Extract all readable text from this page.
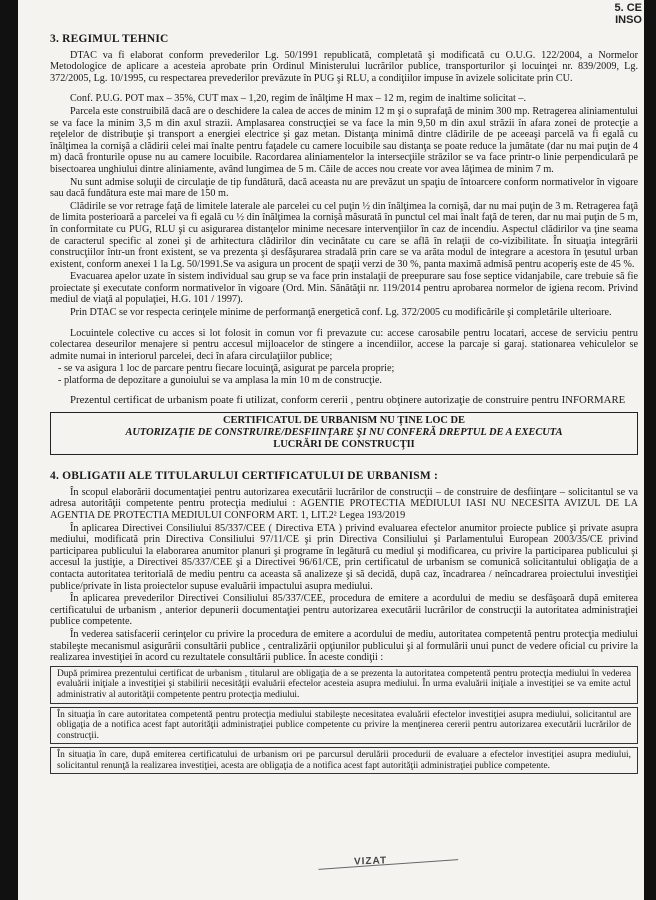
5. CE
INSO
3. REGIMUL TEHNIC

DTAC va fi elaborat conform prevederilor Lg. 50/1991 republicată, completată şi modificată cu O.U.G. 122/2004, a Normelor Metodologice de aplicare a acesteia aprobate prin Ordinul Ministerului lucrărilor publice, transporturilor şi locuinţei nr. 839/2009, Lg. 372/2005, Lg. 10/1995, cu respectarea prevederilor prevăzute în PUG şi RLU, a condiţiilor impuse în avizele solicitate prin CU.

Conf. P.U.G. POT max – 35%, CUT max – 1,20, regim de înălţime H max – 12 m, regim de inaltime solicitat –.

Parcela este construibilă dacă are o deschidere la calea de acces de minim 12 m şi o suprafaţă de minim 300 mp. Retragerea aliniamentului se va face la minim 3,5 m din axul strazii. Amplasarea construcţiei se va face la min 9,50 m din axul străzii în afara zonei de protecţie a reţelelor de distribuţie şi transport a energiei electrice şi gaz metan. Distanţa minimă dintre clădirile de pe aceeaşi parcelă va fi egală cu înălţimea la cornişă a clădirii celei mai înalte pentru faţadele cu camere locuibile sau distanţa se poate reduce la jumătate (dar nu mai puţin de 4 m) dacă fronturile opuse nu au camere locuibile. Racordarea aliniamentelor la intersecţiile străzilor se va face printr-o linie perpendiculară pe bisectoarea unghiului dintre aliniamente, având lungimea de 5 m. Căile de acces nou create vor avea lăţimea de minim 7 m.

Nu sunt admise soluţii de circulaţie de tip fundătură, dacă aceasta nu are prevăzut un spaţiu de întoarcere conform normativelor în vigoare sau dacă fundătura este mai mare de 150 m.

Clădirile se vor retrage faţă de limitele laterale ale parcelei cu cel puţin ½ din înălţimea la cornişă, dar nu mai puţin de 3 m. Retragerea faţă de limita posterioară a parcelei va fi egală cu ½ din înălţimea la cornişă măsurată în punctul cel mai înalt faţă de teren, dar nu mai puţin de 5 m, în conformitate cu PUG, RLU şi cu asigurarea distanţelor minime necesare intervenţiilor în caz de incendiu. Aspectul clădirilor va ţine seama de caracterul specific al zonei şi de arhitectura clădirilor din vecinătate cu care se află în relaţii de co-vizibilitate. În situaţia integrării construcţiilor într-un front existent, se va prezenta şi desfăşurarea stradală prin care se va arăta modul de integrare a acestora în ţesutul urban existent, conform anexei 1 la Lg. 50/1991.Se va asigura un procent de spaţii verzi de 30 %, panta maximă admisă pentru acoperiş este de 45 %.

Evacuarea apelor uzate în sistem individual sau grup se va face prin instalaţii de preepurare sau fose septice vidanjabile, care trebuie să fie proiectate şi executate conform normativelor în vigoare (Ord. Min. Sănătăţii nr. 119/2014 pentru aprobarea normelor de igiena recom. Privind mediul de viaţă al populaţiei, H.G. 101 / 1997).

Prin DTAC se vor respecta cerinţele minime de performanţă energetică conf. Lg. 372/2005 cu modificările şi completările ulterioare.

Locuintele colective cu acces si lot folosit in comun vor fi prevazute cu: accese carosabile pentru locatari, accese de serviciu pentru colectarea deseurilor menajere si pentru accesul mijloacelor de stingere a incendiilor, accese la parcaje si garaj. stationarea vehiculelor se admite numai in interiorul parcelei, deci în afara circulaţiilor publice;

- se va asigura 1 loc de parcare pentru fiecare locuinţă, asigurat pe parcela proprie;

- platforma de depozitare a gunoiului se va amplasa la min 10 m de construcţie.

Prezentul certificat de urbanism poate fi utilizat, conform cererii , pentru obţinere autorizaţie de construire pentru INFORMARE

CERTIFICATUL DE URBANISM NU ŢINE LOC DE
AUTORIZAŢIE DE CONSTRUIRE/DESFIINŢARE ŞI NU CONFERĂ DREPTUL DE A EXECUTA
LUCRĂRI DE CONSTRUCŢII
4. OBLIGATII ALE TITULARULUI CERTIFICATULUI DE URBANISM :

În scopul elaborării documentaţiei pentru autorizarea executării lucrărilor de construcţii – de construire de desfiinţare – solicitantul se va adresa autorităţii competente pentru protecţia mediului : AGENTIE PROTECTIA MEDIULUI IASI NU NECESITA AVIZUL DE LA AGENTIA DE PROTECTIA MEDIULUI CONFORM ART. 1, LIT.2² Legea 193/2019

În aplicarea Directivei Consiliului 85/337/CEE ( Directiva ETA ) privind evaluarea efectelor anumitor proiecte publice şi private asupra mediului, modificată prin Directiva Consiliului 97/11/CE şi prin Directiva Consiliului şi Parlamentului European 2003/35/CE privind participarea publicului la elaborarea anumitor planuri şi programe în legătură cu mediul şi modificarea, cu privire la participarea publicului şi accesul la justiţie, a Directivei 85/337/CEE şi a Directivei 96/61/CE, prin certificatul de urbanism se comunică solicitantului obligaţia de a contacta autoritatea teritorială de mediu pentru ca aceasta să analizeze şi să decidă, după caz, încadrarea / neîncadrarea proiectului investiţiei publice/private în lista proiectelor supuse evaluării impactului asupra mediului.

În aplicarea prevederilor Directivei Consiliului 85/337/CEE, procedura de emitere a acordului de mediu se desfăşoară după emiterea certificatului de urbanism , anterior depunerii documentaţiei pentru autorizarea executării lucrărilor de construcţii la autoritatea administraţiei publice competente.

În vederea satisfacerii cerinţelor cu privire la procedura de emitere a acordului de mediu, autoritatea competentă pentru protecţia mediului stabileşte mecanismul asigurării consultării publice , centralizării opţiunilor publicului şi al formulării unui punct de vedere oficial cu privire la realizarea investiţiei în acord cu rezultatele consultării publice. În aceste condiţii :

După primirea prezentului certificat de urbanism , titularul are obligaţia de a se prezenta la autoritatea competentă pentru protecţia mediului în vederea evaluării iniţiale a investiţiei şi stabilirii necesităţii evaluării efectelor acesteia asupra mediului. În urma evaluării iniţiale a investiţiei se va emite actul administrativ al autorităţii competente pentru protecţia mediului.
În situaţia în care autoritatea competentă pentru protecţia mediului stabileşte necesitatea evaluării efectelor investiţiei asupra mediului, solicitantul are obligaţia de a notifica acest fapt autorităţii administraţiei publice competente cu privire la menţinerea cererii pentru autorizarea executării lucrărilor de construcţii.
În situaţia în care, după emiterea certificatului de urbanism ori pe parcursul derulării procedurii de evaluare a efectelor investiţiei asupra mediului, solicitantul renunţă la realizarea investiţiei, acesta are obligaţia de a notifica acest fapt autorităţii administraţiei publice competente.
VIZAT
